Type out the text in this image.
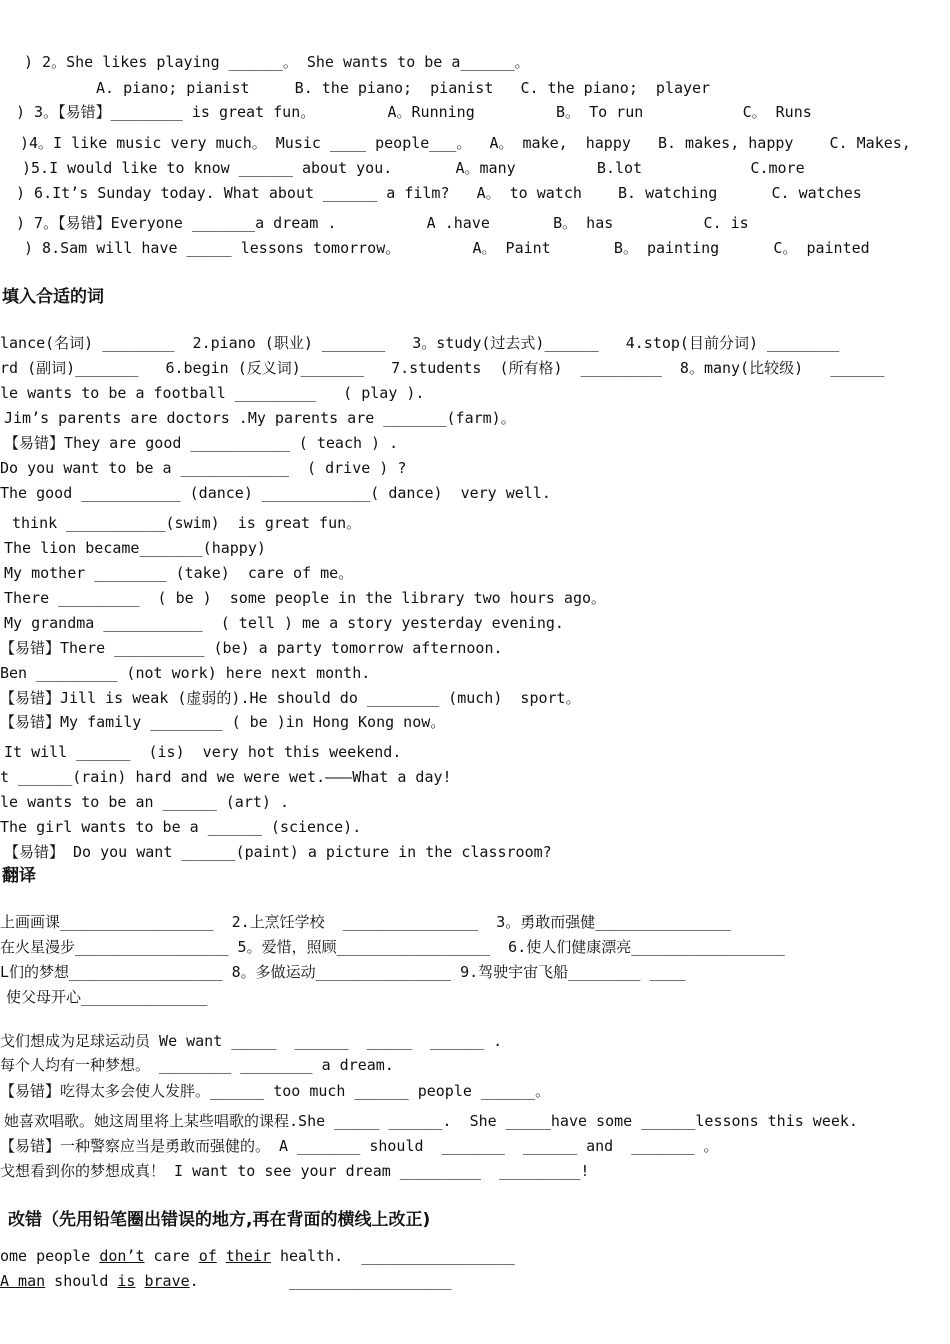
) 2。She likes playing ______。 She wants to be a______。
A. piano; pianist     B. the piano;  pianist   C. the piano;  player
) 3。【易错】________ is great fun。        A。Running         B。 To run           C。 Runs
)4。I like music very much。 Music ____ people___。  A。 make,  happy   B. makes, happy    C. Makes,
)5.I would like to know ______ about you.       A。many         B.lot            C.more
) 6.It’s Sunday today. What about ______ a film?   A。 to watch    B. watching      C. watches
) 7。【易错】Everyone _______a dream .          A .have       B。 has          C. is
) 8.Sam will have _____ lessons tomorrow。        A。 Paint       B。 painting      C。 painted
填入合适的词
lance(名词) ________  2.piano (职业) _______   3。study(过去式)______   4.stop(目前分词) ________
rd (副词)_______   6.begin (反义词)_______   7.students  (所有格)  _________  8。many(比较级)   ______
le wants to be a football _________   ( play ).
Jim’s parents are doctors .My parents are _______(farm)。
【易错】They are good ___________ ( teach ) .
Do you want to be a ____________  ( drive ) ?
The good ___________ (dance) ____________( dance)  very well.
think ___________(swim)  is great fun。
The lion became_______(happy)
My mother ________ (take)  care of me。
There _________  ( be )  some people in the library two hours ago。
My grandma ___________  ( tell ) me a story yesterday evening.
【易错】There __________ (be) a party tomorrow afternoon.
Ben _________ (not work) here next month.
【易错】Jill is weak (虚弱的).He should do ________ (much)  sport。
【易错】My family ________ ( be )in Hong Kong now。
It will ______  (is)  very hot this weekend.
t ______(rain) hard and we were wet.———What a day!
le wants to be an ______ (art) .
The girl wants to be a ______ (science).
【易错】 Do you want ______(paint) a picture in the classroom?
翻译
上画画课_________________  2.上烹饪学校  _______________  3。勇敢而强健_______________
在火星漫步_________________ 5。爱惜，照顾_________________  6.使人们健康漂亮_________________
L们的梦想_________________ 8。多做运动_______________ 9.驾驶宇宙飞船________ ____
使父母开心______________
戈们想成为足球运动员 We want _____  ______  _____  ______ .
每个人均有一种梦想。 ________ ________ a dream.
【易错】吃得太多会使人发胖。______ too much ______ people ______。
她喜欢唱歌。她这周里将上某些唱歌的课程.She _____ ______.  She _____have some ______lessons this week.
【易错】一种警察应当是勇敢而强健的。 A _______ should  _______  ______ and  _______ 。
戈想看到你的梦想成真！ I want to see your dream _________  _________!
改错（先用铅笔圈出错误的地方,再在背面的横线上改正)
ome people don’t care of their health.  _________________
A man should is brave.          __________________
